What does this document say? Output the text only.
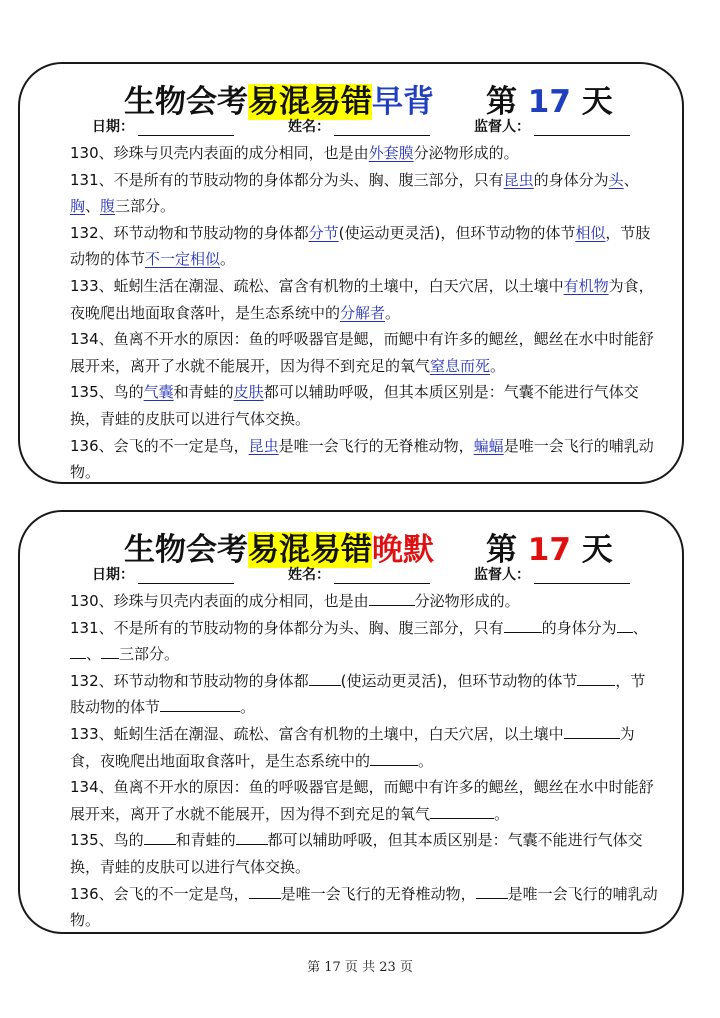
生物会考易混易错早背 第 17 天
日期：	姓名：	监督人：
130、珍珠与贝壳内表面的成分相同，也是由外套膜分泌物形成的。
131、不是所有的节肢动物的身体都分为头、胸、腹三部分，只有昆虫的身体分为头、胸、腹三部分。
132、环节动物和节肢动物的身体都分节(使运动更灵活)，但环节动物的体节相似，节肢动物的体节不一定相似。
133、蚯蚓生活在潮湿、疏松、富含有机物的土壤中，白天穴居，以土壤中有机物为食，夜晚爬出地面取食落叶，是生态系统中的分解者。
134、鱼离不开水的原因：鱼的呼吸器官是鳃，而鳃中有许多的鳃丝，鳃丝在水中时能舒展开来，离开了水就不能展开，因为得不到充足的氧气窒息而死。
135、鸟的气囊和青蛙的皮肤都可以辅助呼吸，但其本质区别是：气囊不能进行气体交换，青蛙的皮肤可以进行气体交换。
136、会飞的不一定是鸟，昆虫是唯一会飞行的无脊椎动物，蝙蝠是唯一会飞行的哺乳动物。
生物会考易混易错晚默 第 17 天
日期：	姓名：	监督人：
130、珍珠与贝壳内表面的成分相同，也是由	分泌物形成的。
131、不是所有的节肢动物的身体都分为头、胸、腹三部分，只有	的身体分为 、、 三部分。
132、环节动物和节肢动物的身体都 (使运动更灵活)，但环节动物的体节	，节肢动物的体节	。
133、蚯蚓生活在潮湿、疏松、富含有机物的土壤中，白天穴居，以土壤中	为食，夜晚爬出地面取食落叶，是生态系统中的	。
134、鱼离不开水的原因：鱼的呼吸器官是鳃，而鳃中有许多的鳃丝，鳃丝在水中时能舒展开来，离开了水就不能展开，因为得不到充足的氧气	。
135、鸟的 和青蛙的 都可以辅助呼吸，但其本质区别是：气囊不能进行气体交换，青蛙的皮肤可以进行气体交换。
136、会飞的不一定是鸟， 是唯一会飞行的无脊椎动物， 是唯一会飞行的哺乳动物。
第 17 页 共 23 页
